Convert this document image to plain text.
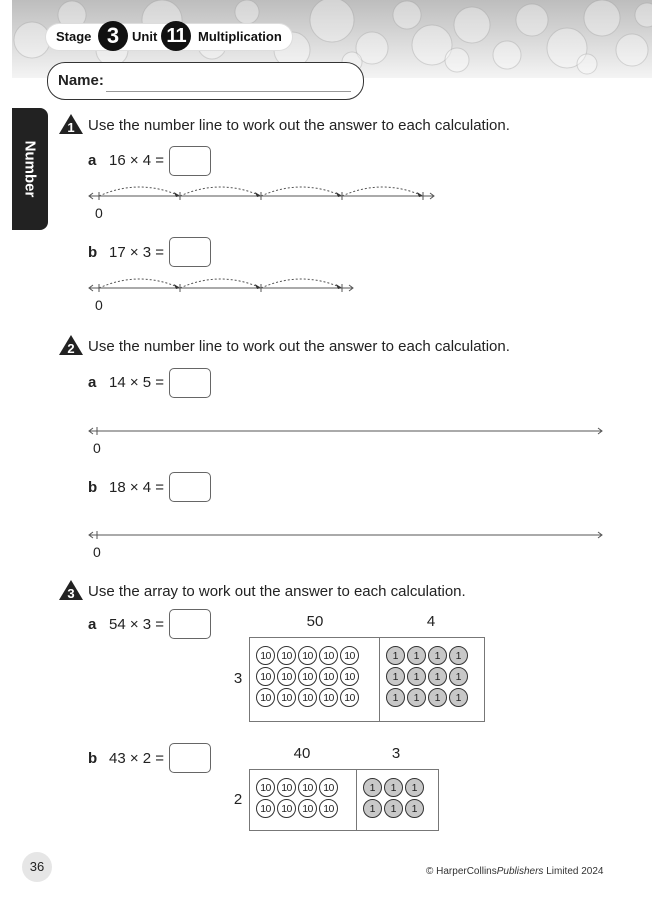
Stage 3 Unit 11 Multiplication
Name:
Number
1 Use the number line to work out the answer to each calculation.
a 16 × 4 =
0
b 17 × 3 =
0
2 Use the number line to work out the answer to each calculation.
a 14 × 5 =
0
b 18 × 4 =
0
3 Use the array to work out the answer to each calculation.
a 54 × 3 =	50	4
3
10	10	10	10	10	1	1	1	1
10	10	10	10	10	1	1	1	1
10	10	10	10	10	1	1	1	1
b 43 × 2 =	40	3
2
10	10	10	10	1	1	1
10	10	10	10	1	1	1
36	© HarperCollinsPublishers Limited 2024
